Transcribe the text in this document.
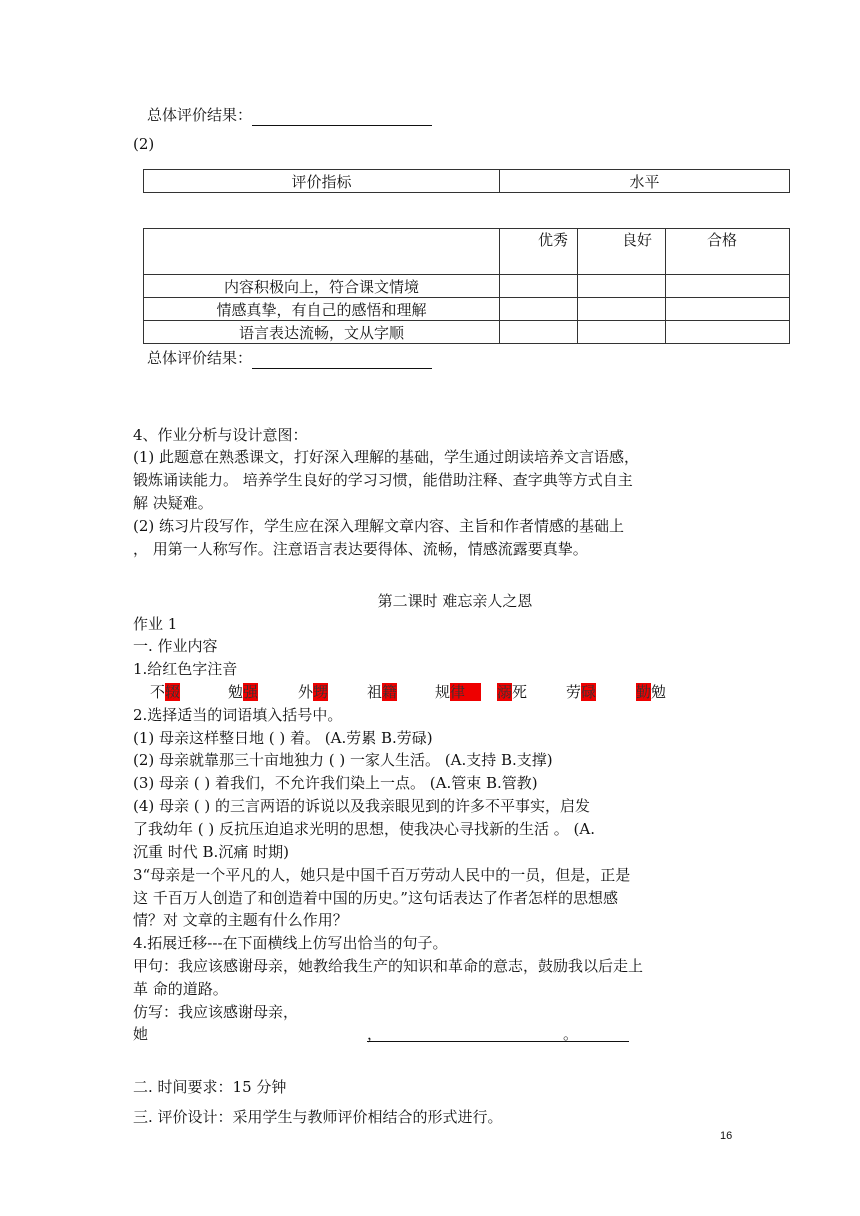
总体评价结果：
(2)
评价指标	水平
	优秀	良好	合格
内容积极向上，符合课文情境			
情感真挚，有自己的感悟和理解			
语言表达流畅，文从字顺			
总体评价结果：
4、作业分析与设计意图：
(1) 此题意在熟悉课文，打好深入理解的基础，学生通过朗读培养文言语感，
锻炼诵读能力。 培养学生良好的学习习惯，能借助注释、查字典等方式自主
解 决疑难。
(2) 练习片段写作，学生应在深入理解文章内容、主旨和作者情感的基础上
， 用第一人称写作。注意语言表达要得体、流畅，情感流露要真挚。
第二课时 难忘亲人之恩
作业 1
一. 作业内容
1.给红色字注音
不辍	勉强	外甥	祖籍	规律	溺死	劳碌	勤勉
2.选择适当的词语填入括号中。
(1) 母亲这样整日地 ( ) 着。 (A.劳累 B.劳碌)
(2) 母亲就靠那三十亩地独力 ( ) 一家人生活。 (A.支持 B.支撑)
(3) 母亲 ( ) 着我们，不允许我们染上一点。 (A.管束 B.管教)
(4) 母亲 ( ) 的三言两语的诉说以及我亲眼见到的许多不平事实，启发
了我幼年 ( ) 反抗压迫追求光明的思想，使我决心寻找新的生活 。 (A.
沉重 时代 B.沉痛 时期)
3“母亲是一个平凡的人，她只是中国千百万劳动人民中的一员，但是，正是
这 千百万人创造了和创造着中国的历史。”这句话表达了作者怎样的思想感
情？对 文章的主题有什么作用？
4.拓展迁移---在下面横线上仿写出恰当的句子。
甲句：我应该感谢母亲，她教给我生产的知识和革命的意志，鼓励我以后走上
革 命的道路。
仿写：我应该感谢母亲，
她	，	。
二. 时间要求：15 分钟
三. 评价设计：采用学生与教师评价相结合的形式进行。
16
